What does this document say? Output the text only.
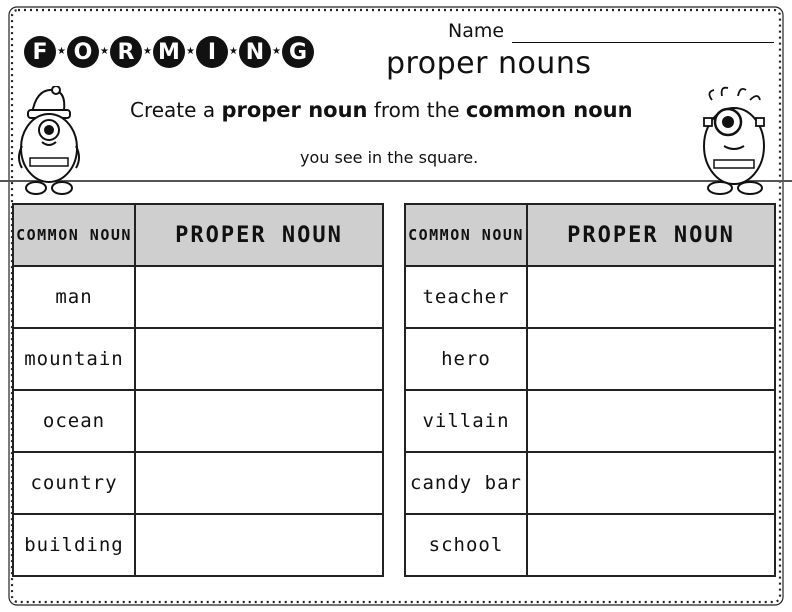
F ★ O ★ R ★ M ★ I	★ N ★ G
Name
proper nouns
Create a proper noun from the common noun
you see in the square.
COMMON NOUN	PROPER NOUN
man	
mountain	
ocean	
country	
building	
COMMON NOUN	PROPER NOUN
teacher	
hero	
villain	
candy bar	
school	
